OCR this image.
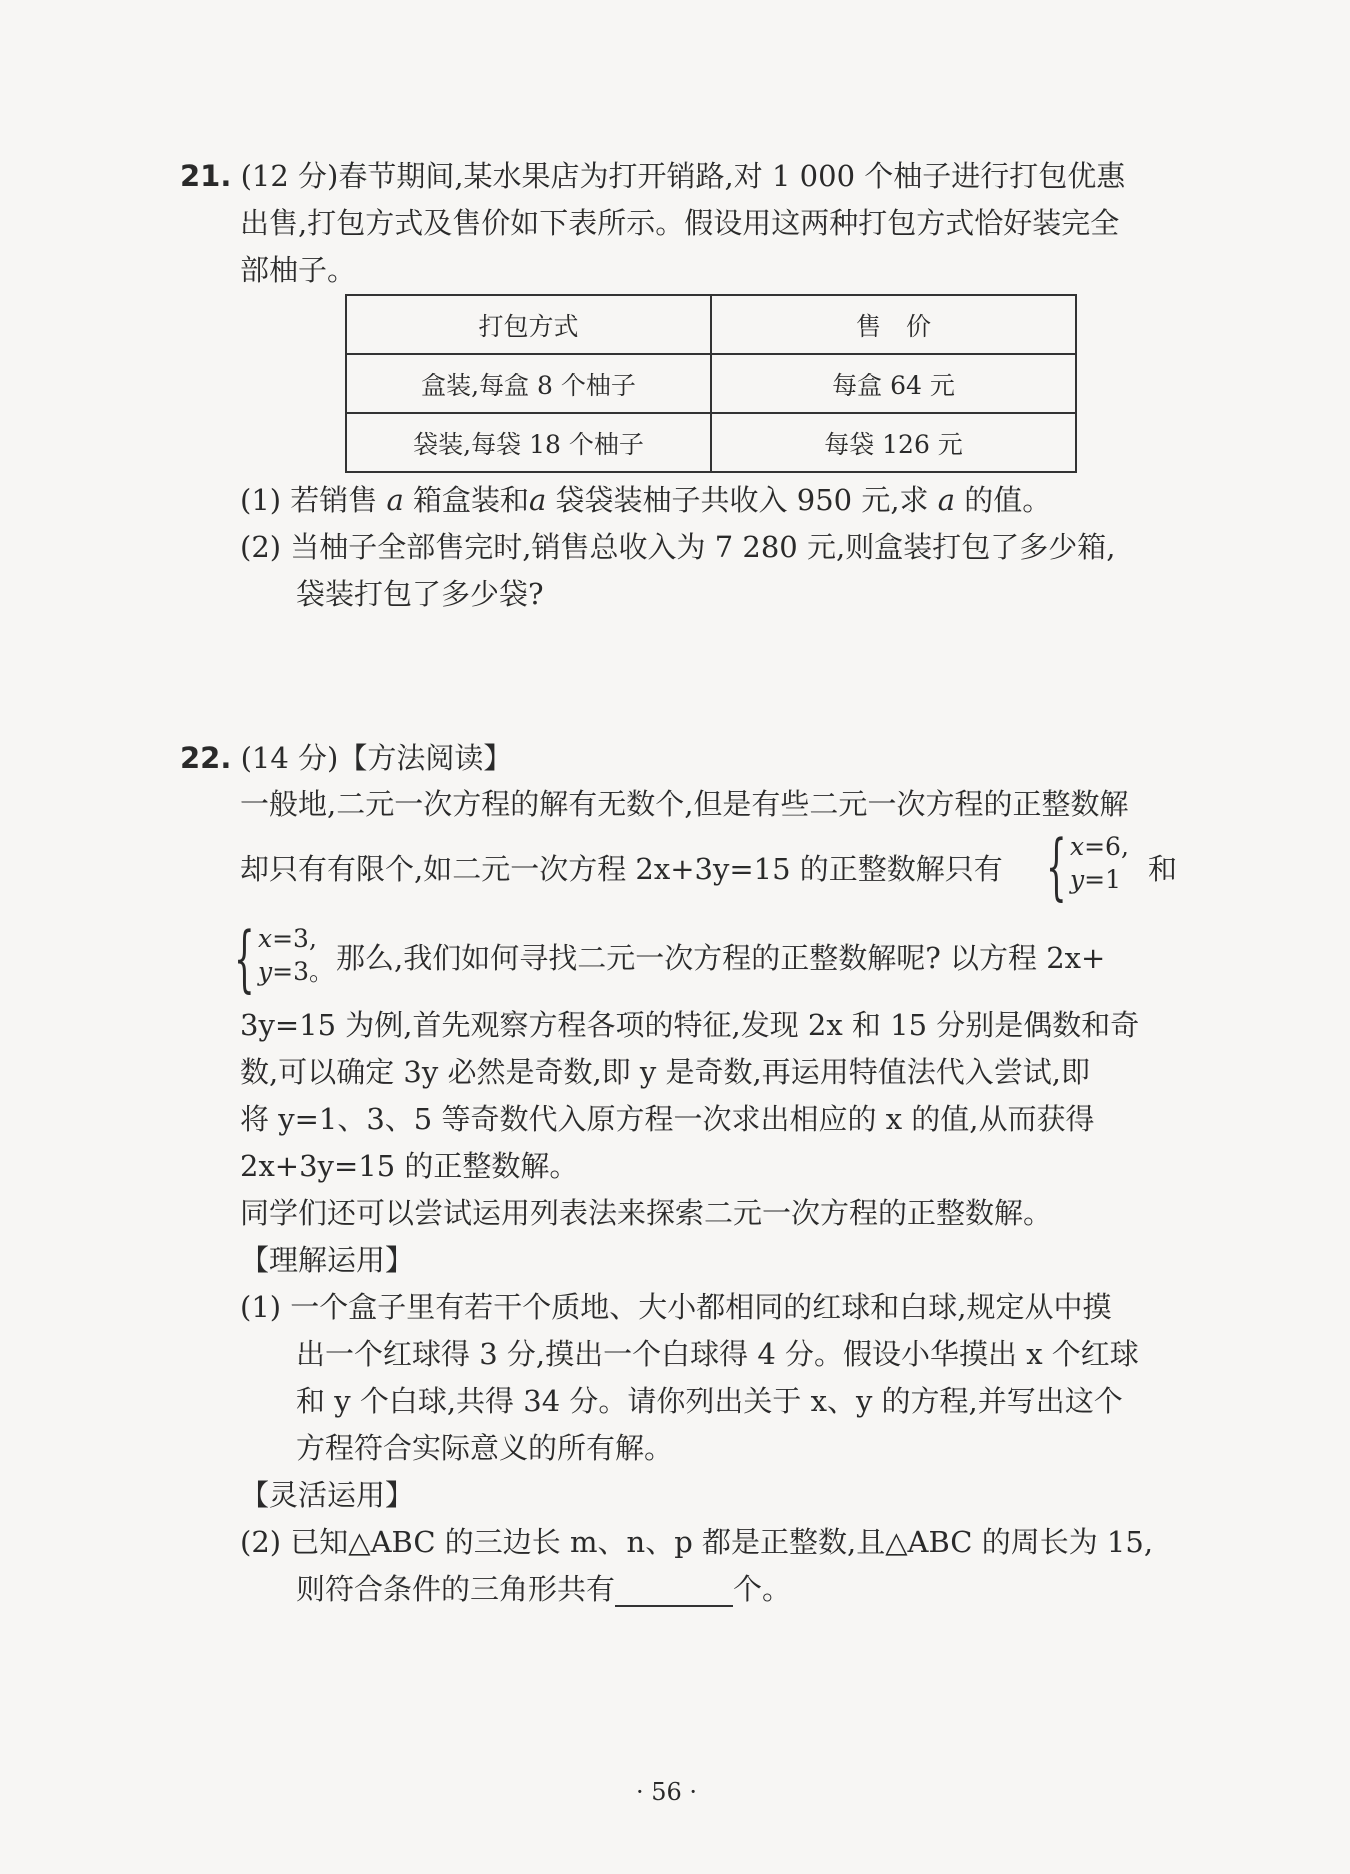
21. (12 分)春节期间,某水果店为打开销路,对 1 000 个柚子进行打包优惠
出售,打包方式及售价如下表所示。假设用这两种打包方式恰好装完全
部柚子。
打包方式	售　价
盒装,每盒 8 个柚子	每盒 64 元
袋装,每袋 18 个柚子	每袋 126 元
(1) 若销售 a 箱盒装和a 袋袋装柚子共收入 950 元,求 a 的值。
(2) 当柚子全部售完时,销售总收入为 7 280 元,则盒装打包了多少箱,
袋装打包了多少袋?
22. (14 分)【方法阅读】
一般地,二元一次方程的解有无数个,但是有些二元一次方程的正整数解
却只有有限个,如二元一次方程 2x+3y=15 的正整数解只有 { x=6,
y=1 和
{ x=3,
y=3。 那么,我们如何寻找二元一次方程的正整数解呢? 以方程 2x+
3y=15 为例,首先观察方程各项的特征,发现 2x 和 15 分别是偶数和奇
数,可以确定 3y 必然是奇数,即 y 是奇数,再运用特值法代入尝试,即
将 y=1、3、5 等奇数代入原方程一次求出相应的 x 的值,从而获得
2x+3y=15 的正整数解。
同学们还可以尝试运用列表法来探索二元一次方程的正整数解。
【理解运用】
(1) 一个盒子里有若干个质地、大小都相同的红球和白球,规定从中摸
出一个红球得 3 分,摸出一个白球得 4 分。假设小华摸出 x 个红球
和 y 个白球,共得 34 分。请你列出关于 x、y 的方程,并写出这个
方程符合实际意义的所有解。
【灵活运用】
(2) 已知△ABC 的三边长 m、n、p 都是正整数,且△ABC 的周长为 15,
则符合条件的三角形共有	个。
· 56 ·
